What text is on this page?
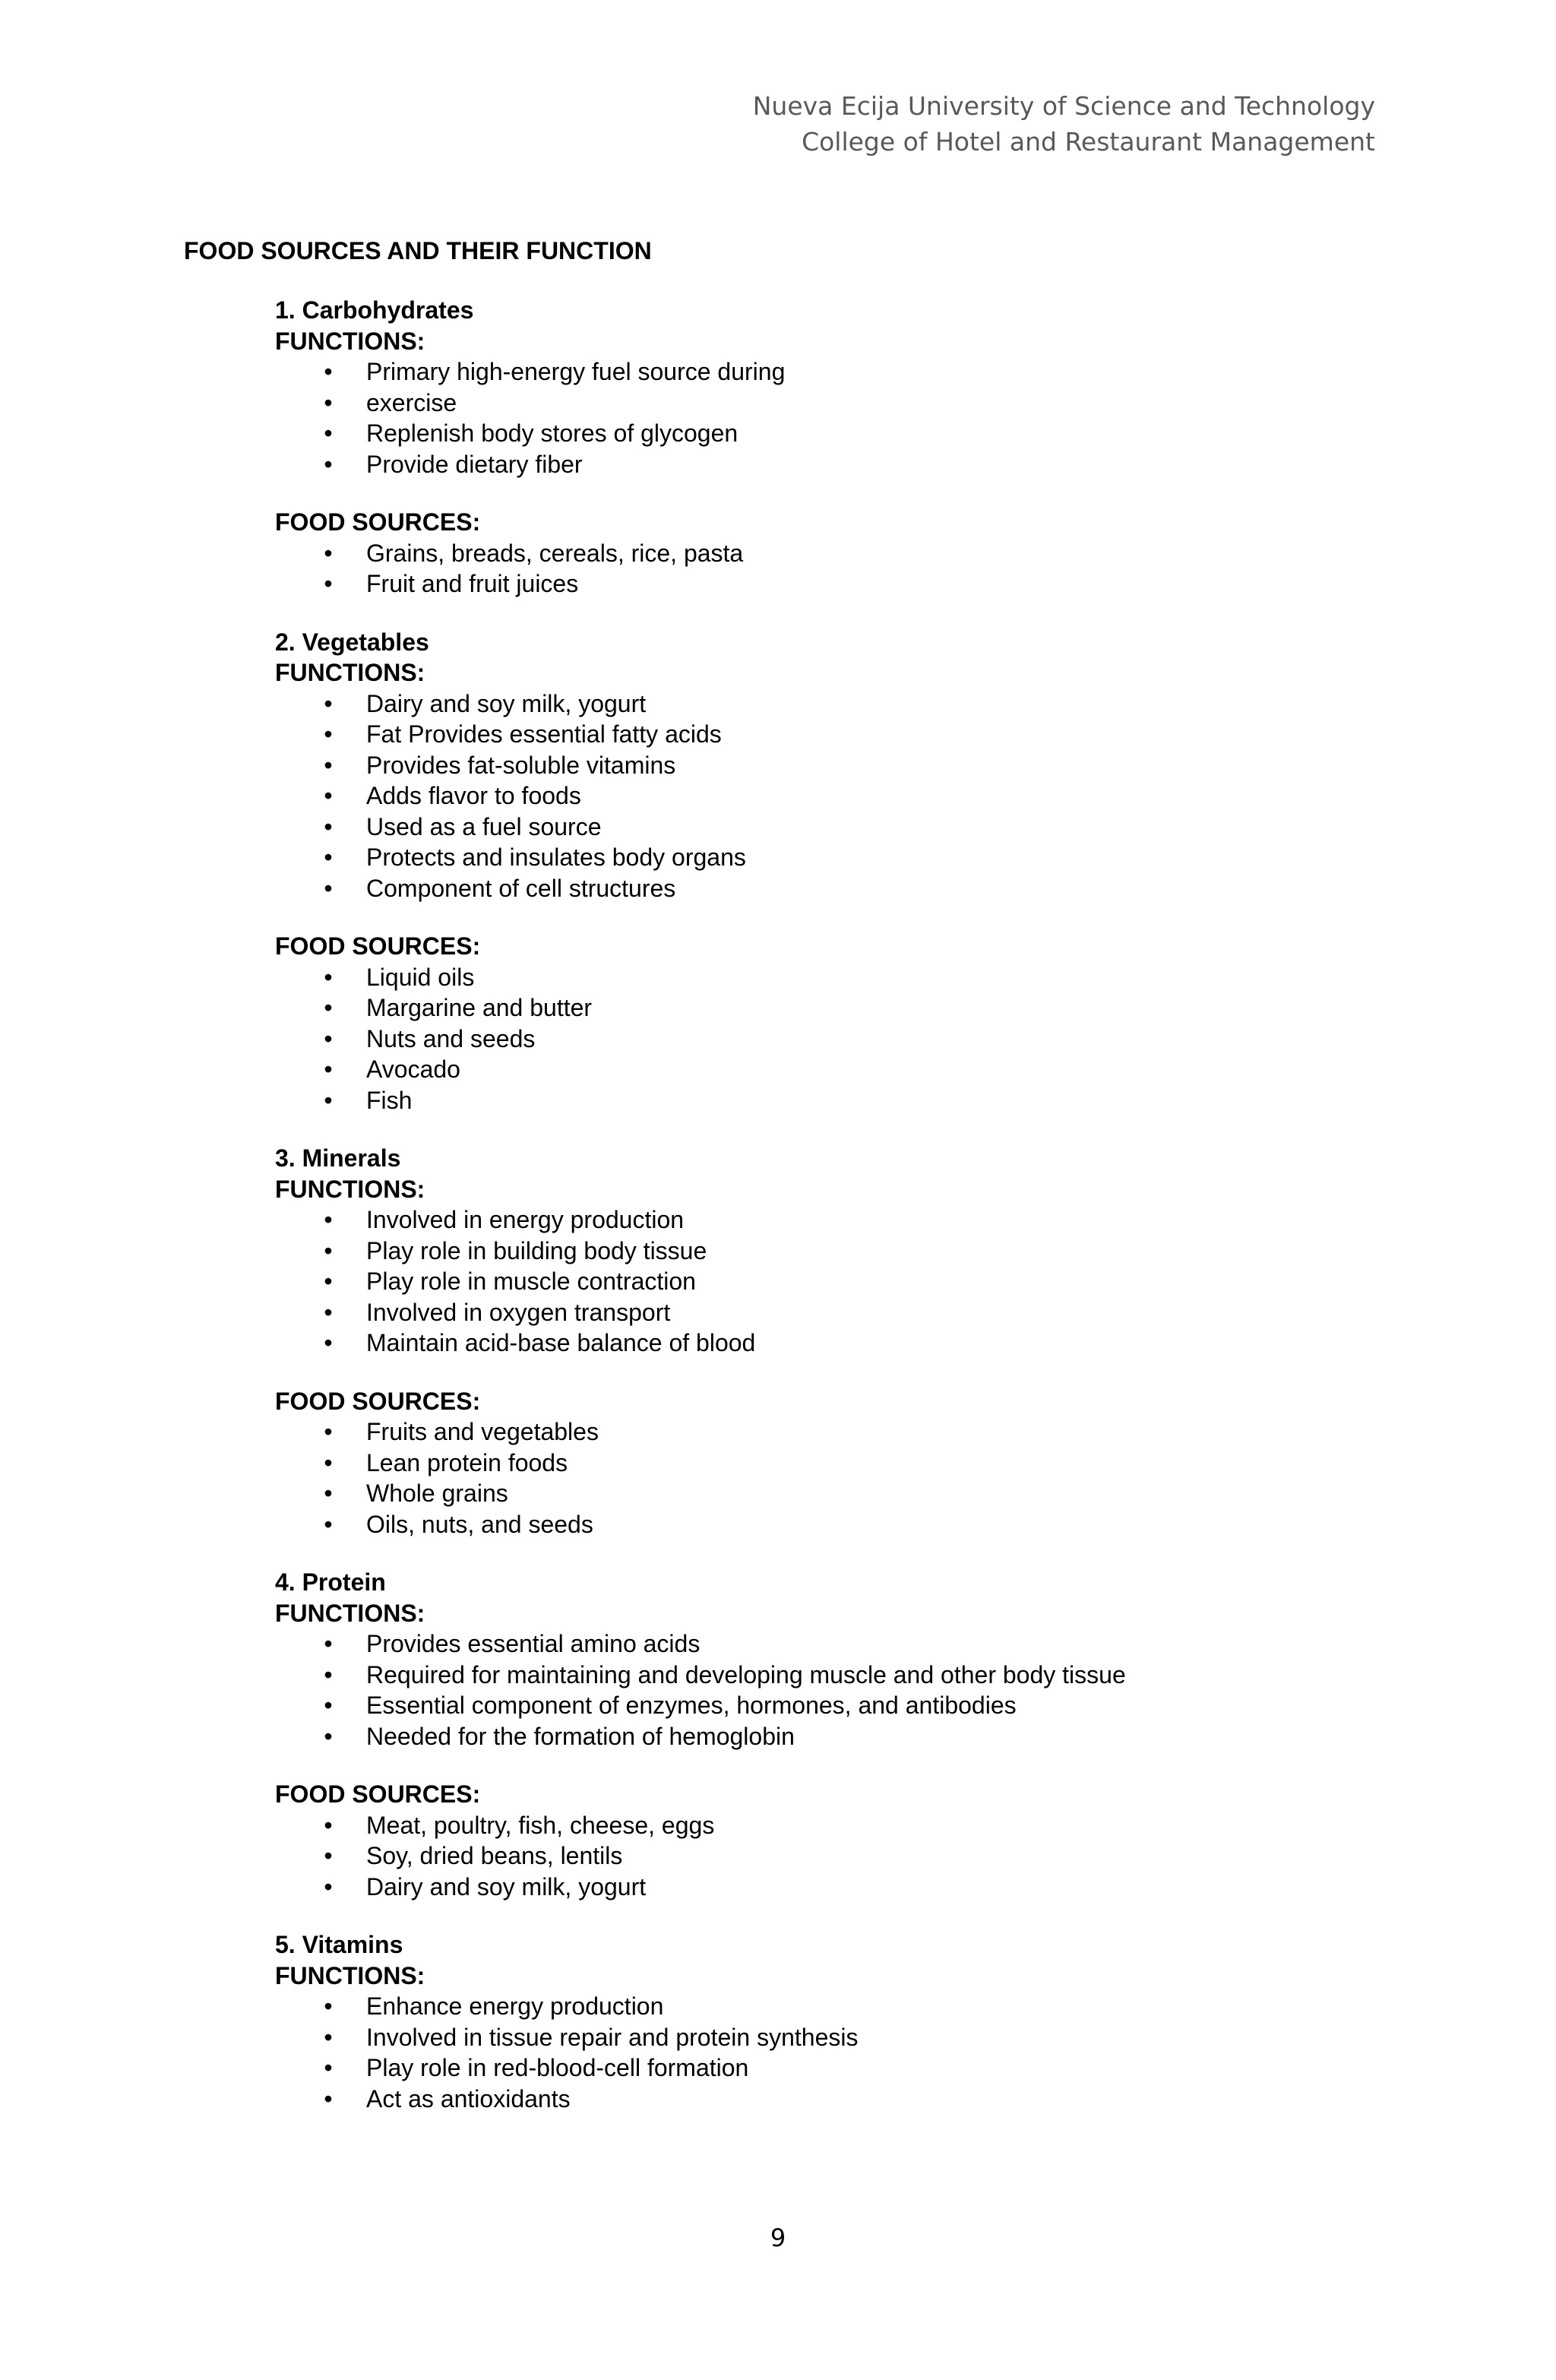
Nueva Ecija University of Science and Technology
College of Hotel and Restaurant Management
FOOD SOURCES AND THEIR FUNCTION
1. Carbohydrates
FUNCTIONS:
• Primary high-energy fuel source during
• exercise
• Replenish body stores of glycogen
• Provide dietary fiber
FOOD SOURCES:
• Grains, breads, cereals, rice, pasta
• Fruit and fruit juices
2. Vegetables
FUNCTIONS:
• Dairy and soy milk, yogurt
• Fat Provides essential fatty acids
• Provides fat-soluble vitamins
• Adds flavor to foods
• Used as a fuel source
• Protects and insulates body organs
• Component of cell structures
FOOD SOURCES:
• Liquid oils
• Margarine and butter
• Nuts and seeds
• Avocado
• Fish
3. Minerals
FUNCTIONS:
• Involved in energy production
• Play role in building body tissue
• Play role in muscle contraction
• Involved in oxygen transport
• Maintain acid-base balance of blood
FOOD SOURCES:
• Fruits and vegetables
• Lean protein foods
• Whole grains
• Oils, nuts, and seeds
4. Protein
FUNCTIONS:
• Provides essential amino acids
• Required for maintaining and developing muscle and other body tissue
• Essential component of enzymes, hormones, and antibodies
• Needed for the formation of hemoglobin
FOOD SOURCES:
• Meat, poultry, fish, cheese, eggs
• Soy, dried beans, lentils
• Dairy and soy milk, yogurt
5. Vitamins
FUNCTIONS:
• Enhance energy production
• Involved in tissue repair and protein synthesis
• Play role in red-blood-cell formation
• Act as antioxidants
9
